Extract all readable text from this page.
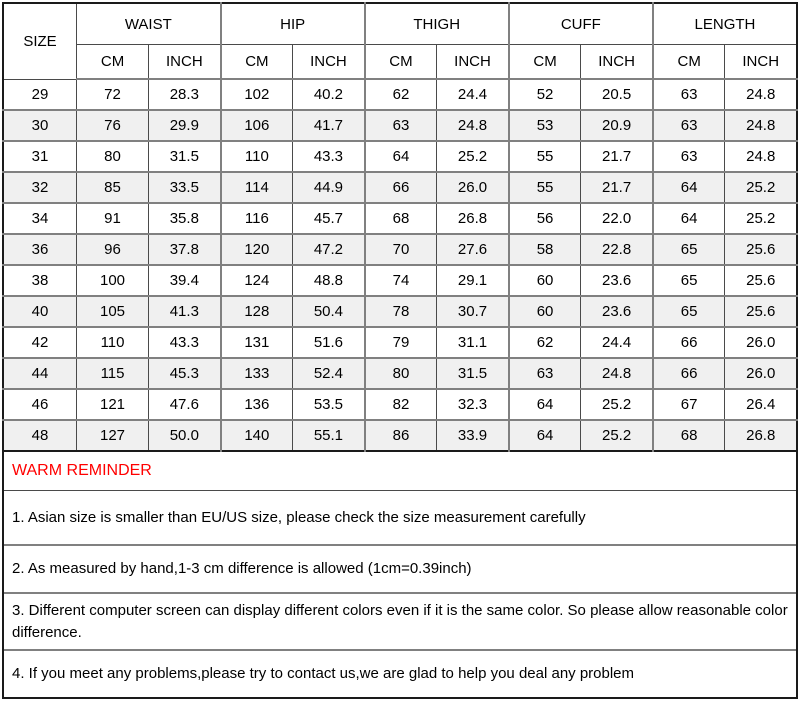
SIZE	WAIST		HIP		THIGH		CUFF		LENGTH	
	CM	INCH	CM	INCH	CM	INCH	CM	INCH	CM	INCH
29	72	28.3	102	40.2	62	24.4	52	20.5	63	24.8
30	76	29.9	106	41.7	63	24.8	53	20.9	63	24.8
31	80	31.5	110	43.3	64	25.2	55	21.7	63	24.8
32	85	33.5	114	44.9	66	26.0	55	21.7	64	25.2
34	91	35.8	116	45.7	68	26.8	56	22.0	64	25.2
36	96	37.8	120	47.2	70	27.6	58	22.8	65	25.6
38	100	39.4	124	48.8	74	29.1	60	23.6	65	25.6
40	105	41.3	128	50.4	78	30.7	60	23.6	65	25.6
42	110	43.3	131	51.6	79	31.1	62	24.4	66	26.0
44	115	45.3	133	52.4	80	31.5	63	24.8	66	26.0
46	121	47.6	136	53.5	82	32.3	64	25.2	67	26.4
48	127	50.0	140	55.1	86	33.9	64	25.2	68	26.8
WARM REMINDER
1. Asian size is smaller than EU/US size, please check the size measurement carefully
2. As measured by hand,1-3 cm difference is allowed (1cm=0.39inch)
3. Different computer screen can display different colors even if it is the same color. So please allow reasonable color difference.
4. If you meet any problems,please try to contact us,we are glad to help you deal any problem
